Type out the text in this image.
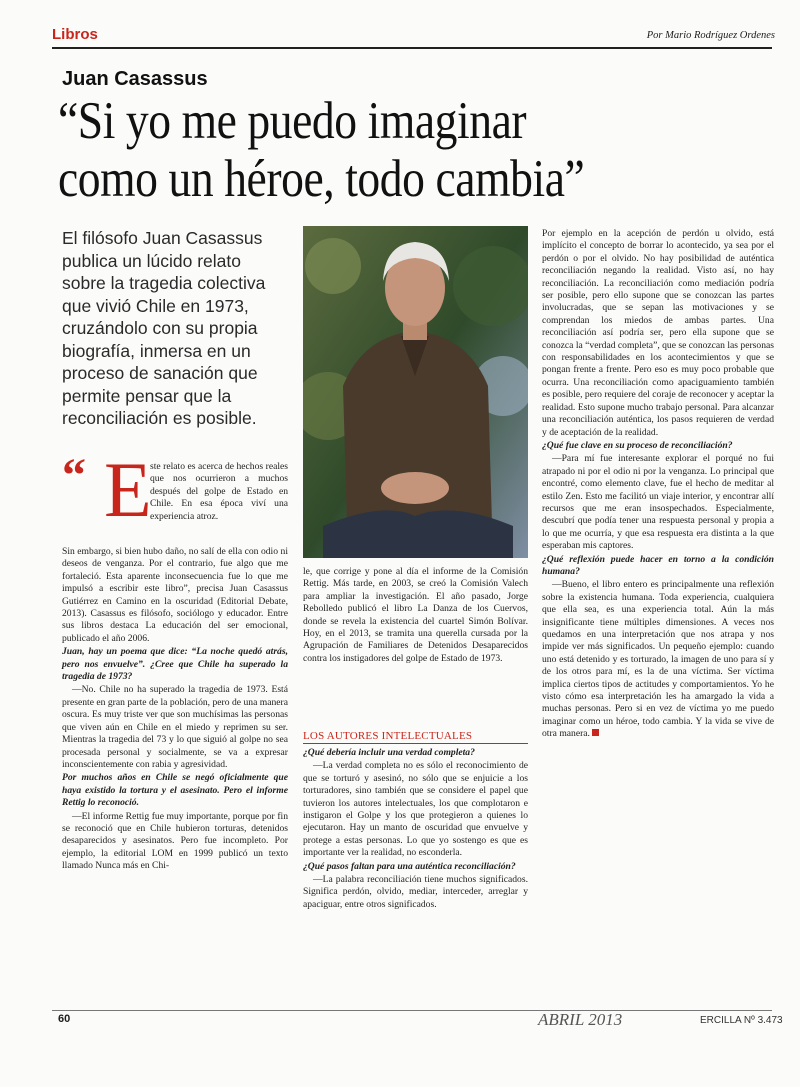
Libros	Por Mario Rodríguez Ordenes
Juan Casassus
“Si yo me puedo imaginar
como un héroe, todo cambia”
El filósofo Juan Casassus publica un lúcido relato sobre la tragedia colectiva que vivió Chile en 1973, cruzándolo con su propia biografía, inmersa en un proceso de sanación que permite pensar que la reconciliación es posible.
“ E
ste relato es acerca de hechos reales que nos ocurrieron a muchos después del golpe de Estado en Chile. En esa época viví una experiencia atroz.

Sin embargo, si bien hubo daño, no salí de ella con odio ni deseos de venganza. Por el contrario, fue algo que me fortaleció. Esta aparente inconsecuencia fue lo que me impulsó a escribir este libro”, precisa Juan Casassus Gutiérrez en Camino en la oscuridad (Editorial Debate, 2013). Casassus es filósofo, sociólogo y educador. Entre sus libros destaca La educación del ser emocional, publicado el año 2006.

Juan, hay un poema que dice: “La noche quedó atrás, pero nos envuelve”. ¿Cree que Chile ha superado la tragedia de 1973?

—No. Chile no ha superado la tragedia de 1973. Está presente en gran parte de la población, pero de una manera oscura. Es muy triste ver que son muchísimas las personas que viven aún en Chile en el miedo y reprimen su ser. Mientras la tragedia del 73 y lo que siguió al golpe no sea procesada personal y socialmente, se va a expresar inconscientemente con rabia y agresividad.

Por muchos años en Chile se negó oficialmente que haya existido la tortura y el asesinato. Pero el informe Rettig lo reconoció.

—El informe Rettig fue muy importante, porque por fin se reconoció que en Chile hubieron torturas, detenidos desaparecidos y asesinatos. Pero fue incompleto. Por ejemplo, la editorial LOM en 1999 publicó un texto llamado Nunca más en Chi-

le, que corrige y pone al día el informe de la Comisión Rettig. Más tarde, en 2003, se creó la Comisión Valech para ampliar la investigación. El año pasado, Jorge Rebolledo publicó el libro La Danza de los Cuervos, donde se revela la existencia del cuartel Simón Bolívar. Hoy, en el 2013, se tramita una querella cursada por la Agrupación de Familiares de Detenidos Desaparecidos contra los instigadores del golpe de Estado de 1973.

LOS AUTORES INTELECTUALES

¿Qué debería incluir una verdad completa?

—La verdad completa no es sólo el reconocimiento de que se torturó y asesinó, no sólo que se enjuicie a los torturadores, sino también que se considere el papel que tuvieron los autores intelectuales, los que complotaron e instigaron el Golpe y los que protegieron a quienes lo ejecutaron. Hay un manto de oscuridad que envuelve y protege a estas personas. Lo que yo sostengo es que es importante ver la realidad, no esconderla.

¿Qué pasos faltan para una auténtica reconciliación?

—La palabra reconciliación tiene muchos significados. Significa perdón, olvido, mediar, interceder, arreglar y apaciguar, entre otros significados.

Por ejemplo en la acepción de perdón u olvido, está implícito el concepto de borrar lo acontecido, ya sea por el perdón o por el olvido. No hay posibilidad de auténtica reconciliación negando la realidad. Visto así, no hay reconciliación. La reconciliación como mediación podría ser posible, pero ello supone que se conozcan las partes involucradas, que se sepan las motivaciones y se comprendan los miedos de ambas partes. Una reconciliación así podría ser, pero ella supone que se conozca la “verdad completa”, que se conozcan las personas con responsabilidades en los acontecimientos y que se pongan frente a frente. Pero eso es muy poco probable que ocurra. Una reconciliación como apaciguamiento también es posible, pero requiere del coraje de reconocer y aceptar la realidad. Esto supone mucho trabajo personal. Para alcanzar una reconciliación auténtica, los pasos requieren de verdad y de aceptación de la realidad.

¿Qué fue clave en su proceso de reconciliación?

—Para mí fue interesante explorar el porqué no fui atrapado ni por el odio ni por la venganza. Lo principal que encontré, como elemento clave, fue el hecho de meditar al estilo Zen. Esto me facilitó un viaje interior, y encontrar allí recursos que me eran insospechados. Especialmente, descubrí que podía tener una respuesta personal y propia a lo que me ocurría, y que esa respuesta era distinta a la que esperaban mis captores.

¿Qué reflexión puede hacer en torno a la condición humana?

—Bueno, el libro entero es principalmente una reflexión sobre la existencia humana. Toda experiencia, cualquiera que ella sea, es una experiencia total. Aún la más insignificante tiene múltiples dimensiones. A veces nos quedamos en una interpretación que nos atrapa y nos impide ver más significados. Un pequeño ejemplo: cuando uno está detenido y es torturado, la imagen de uno para sí y de los otros para mí, es la de una víctima. Ser víctima implica ciertos tipos de actitudes y comportamientos. Yo he visto cómo esa interpretación les ha amargado la vida a muchas personas. Pero si en vez de víctima yo me puedo imaginar como un héroe, todo cambia. Y la vida se vive de otra manera.

60	ABRIL 2013	ERCILLA Nº 3.473
